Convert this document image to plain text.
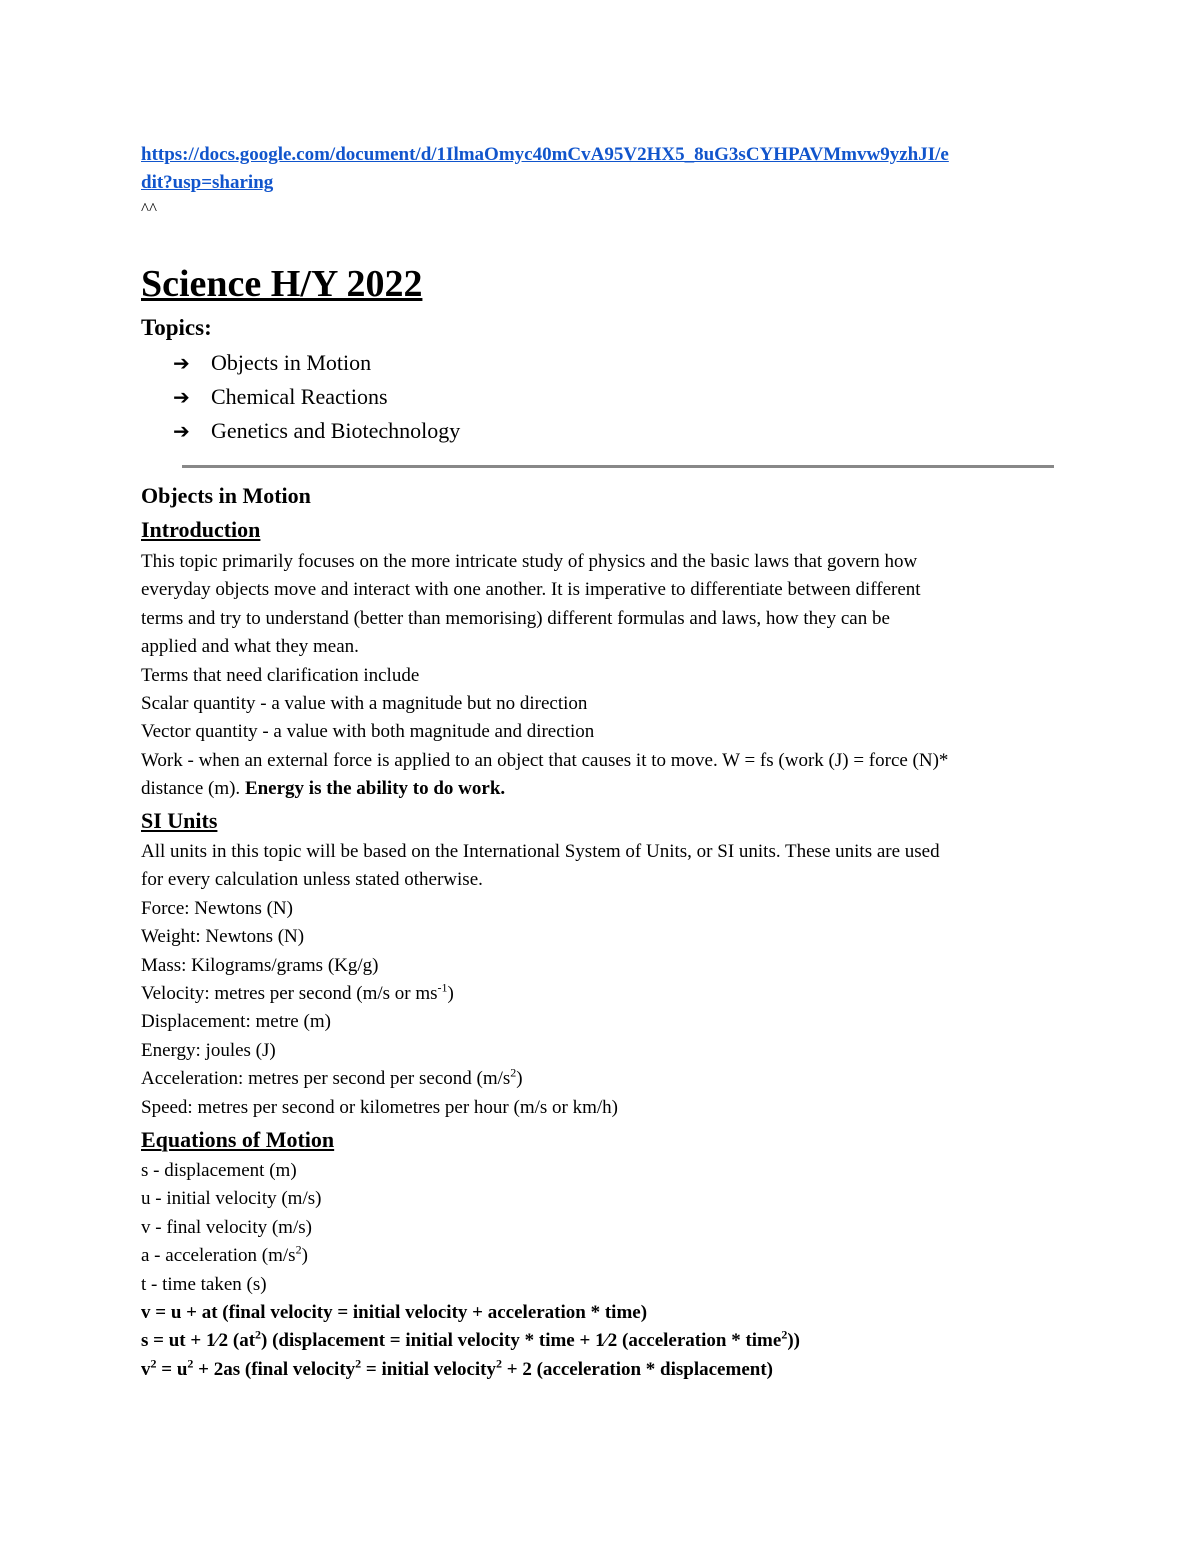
https://docs.google.com/document/d/1IlmaOmyc40mCvA95V2HX5_8uG3sCYHPAVMmvw9yzhJI/e
dit?usp=sharing
^^
Science H/Y 2022
Topics:
➔ Objects in Motion
➔ Chemical Reactions
➔ Genetics and Biotechnology
Objects in Motion
Introduction
This topic primarily focuses on the more intricate study of physics and the basic laws that govern how
everyday objects move and interact with one another. It is imperative to differentiate between different
terms and try to understand (better than memorising) different formulas and laws, how they can be
applied and what they mean.
Terms that need clarification include
Scalar quantity - a value with a magnitude but no direction
Vector quantity - a value with both magnitude and direction
Work - when an external force is applied to an object that causes it to move. W = fs (work (J) = force (N)*
distance (m). Energy is the ability to do work.
SI Units
All units in this topic will be based on the International System of Units, or SI units. These units are used
for every calculation unless stated otherwise.
Force: Newtons (N)
Weight: Newtons (N)
Mass: Kilograms/grams (Kg/g)
Velocity: metres per second (m/s or $ms^{-1}$)
Displacement: metre (m)
Energy: joules (J)
Acceleration: metres per second per second $(m/s^2)$
Speed: metres per second or kilometres per hour (m/s or km/h)
Equations of Motion
s - displacement (m)
u - initial velocity (m/s)
v - final velocity (m/s)
a - acceleration $(m/s^2)$
t - time taken (s)
v = u + at (final velocity = initial velocity + acceleration * time)
s = ut + 1⁄2 $(at^2)$ (displacement = initial velocity * time + 1⁄2 (acceleration * time$^2$))
$v^2 = u^2 + 2as$ (final velocity$^2$ = initial velocity$^2$ + 2 (acceleration * displacement)
